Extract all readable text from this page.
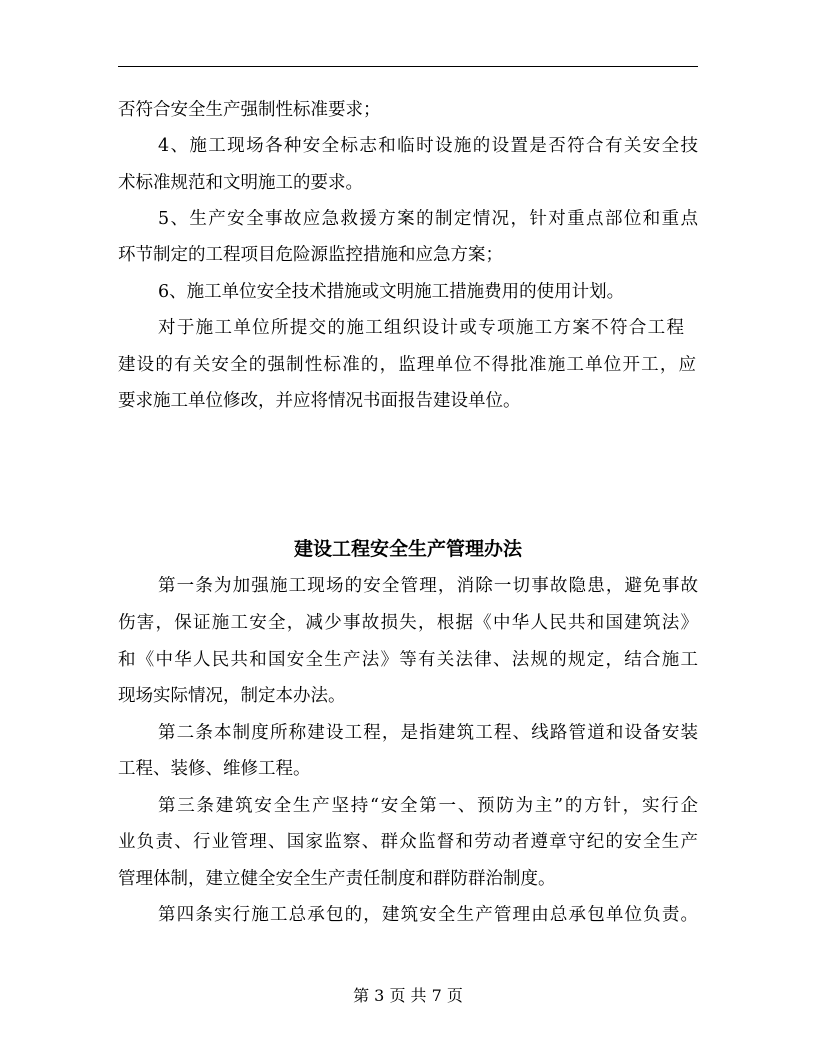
否符合安全生产强制性标准要求；
4、施工现场各种安全标志和临时设施的设置是否符合有关安全技
术标准规范和文明施工的要求。
5、生产安全事故应急救援方案的制定情况，针对重点部位和重点
环节制定的工程项目危险源监控措施和应急方案；
6、施工单位安全技术措施或文明施工措施费用的使用计划。
对于施工单位所提交的施工组织设计或专项施工方案不符合工程
建设的有关安全的强制性标准的，监理单位不得批准施工单位开工，应
要求施工单位修改，并应将情况书面报告建设单位。
建设工程安全生产管理办法
第一条为加强施工现场的安全管理，消除一切事故隐患，避免事故
伤害，保证施工安全，减少事故损失，根据《中华人民共和国建筑法》
和《中华人民共和国安全生产法》等有关法律、法规的规定，结合施工
现场实际情况，制定本办法。
第二条本制度所称建设工程，是指建筑工程、线路管道和设备安装
工程、装修、维修工程。
第三条建筑安全生产坚持“安全第一、预防为主”的方针，实行企
业负责、行业管理、国家监察、群众监督和劳动者遵章守纪的安全生产
管理体制，建立健全安全生产责任制度和群防群治制度。
第四条实行施工总承包的，建筑安全生产管理由总承包单位负责。
第 3 页 共 7 页
